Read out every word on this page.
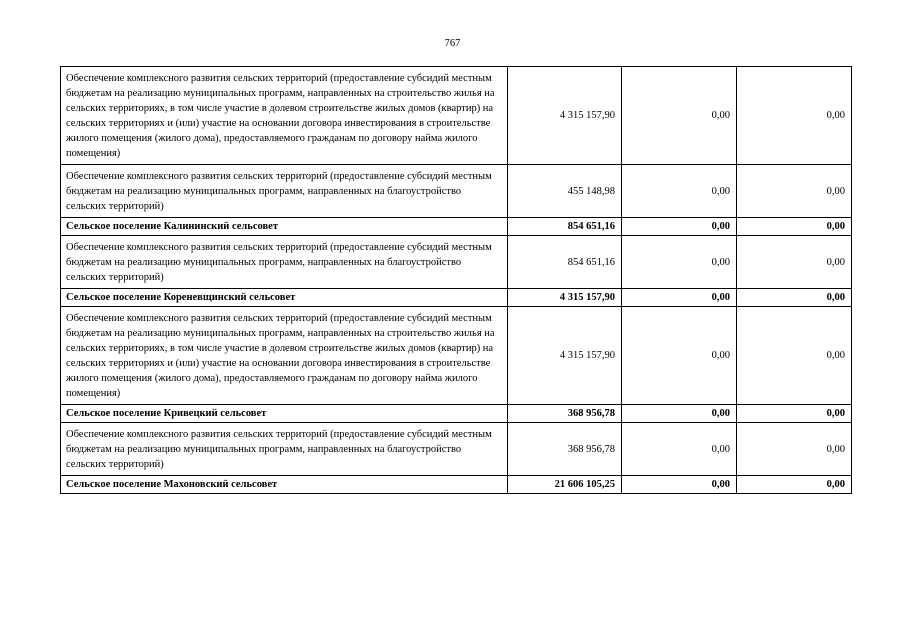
767
Обеспечение комплексного развития сельских территорий (предоставление субсидий местным бюджетам на реализацию муниципальных программ, направленных на строительство жилья на сельских территориях, в том числе участие в долевом строительстве жилых домов (квартир) на сельских территориях и (или) участие на основании договора инвестирования в строительстве жилого помещения (жилого дома), предоставляемого гражданам по договору найма жилого помещения)	4 315 157,90	0,00	0,00
Обеспечение комплексного развития сельских территорий (предоставление субсидий местным бюджетам на реализацию муниципальных программ, направленных на благоустройство сельских территорий)	455 148,98	0,00	0,00
Сельское поселение Калининский сельсовет	854 651,16	0,00	0,00
Обеспечение комплексного развития сельских территорий (предоставление субсидий местным бюджетам на реализацию муниципальных программ, направленных на благоустройство сельских территорий)	854 651,16	0,00	0,00
Сельское поселение Кореневщинский сельсовет	4 315 157,90	0,00	0,00
Обеспечение комплексного развития сельских территорий (предоставление субсидий местным бюджетам на реализацию муниципальных программ, направленных на строительство жилья на сельских территориях, в том числе участие в долевом строительстве жилых домов (квартир) на сельских территориях и (или) участие на основании договора инвестирования в строительстве жилого помещения (жилого дома), предоставляемого гражданам по договору найма жилого помещения)	4 315 157,90	0,00	0,00
Сельское поселение Кривецкий сельсовет	368 956,78	0,00	0,00
Обеспечение комплексного развития сельских территорий (предоставление субсидий местным бюджетам на реализацию муниципальных программ, направленных на благоустройство сельских территорий)	368 956,78	0,00	0,00
Сельское поселение Махоновский сельсовет	21 606 105,25	0,00	0,00
